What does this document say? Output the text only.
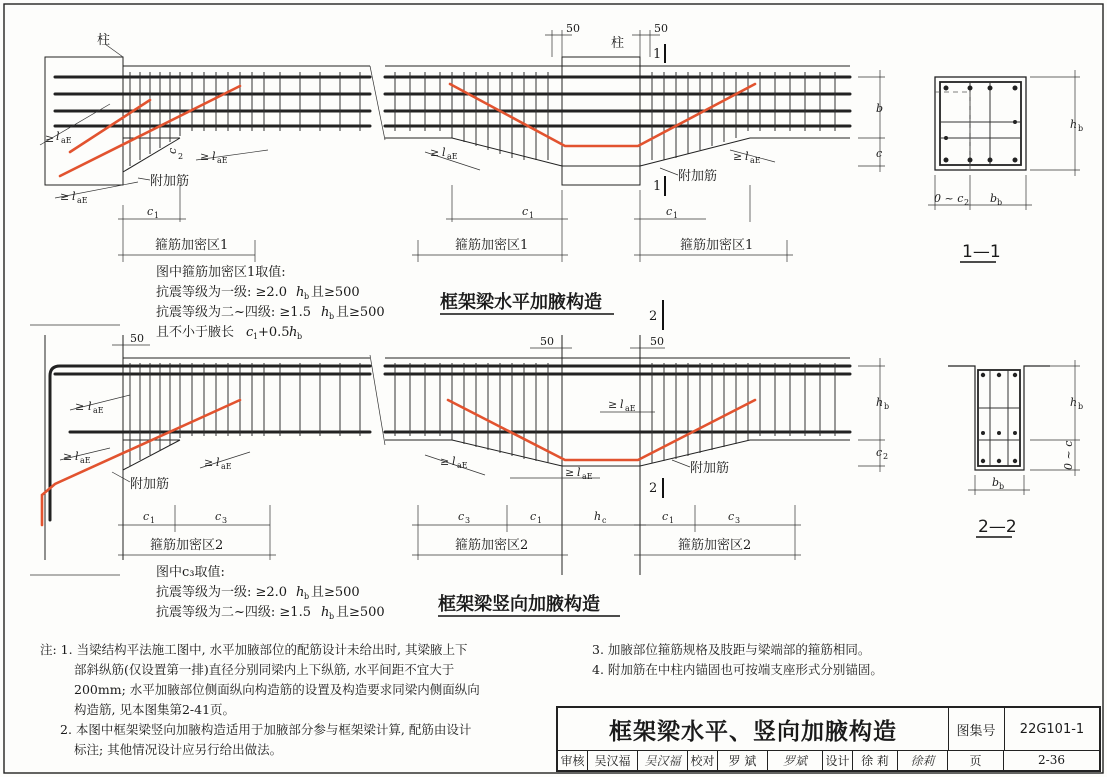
柱	柱
≥ l aE
≥ l aE
≥ l aE
≥ l aE	≥ l aE
c
2
附加筋	附加筋
1
1
50	50
c 1	c 1	c 1
箍筋加密区1	箍筋加密区1	箍筋加密区1
b
c
图中箍筋加密区1取值:
抗震等级为一级: ≥2.0 h b 且≥500
抗震等级为二~四级: ≥1.5 h b 且≥500
且不小于腋长 c 1 +0.5 h b
框架梁水平加腋构造
h b
0 ~ c 2 b b
1—1
≥ l aE
≥ l aE	≥ l aE	≥ l aE
≥ l aE
≥ l aE
附加筋
附加筋
2
2
50	50	50
c 1	c 3	c 3	c 1	h c	c 1	c 3
箍筋加密区2	箍筋加密区2	箍筋加密区2
h b
c 2
图中c₃取值:
抗震等级为一级: ≥2.0 h b 且≥500
抗震等级为二~四级: ≥1.5 h b 且≥500	框架梁竖向加腋构造
h b
0 ~ c
b b
2—2

注: 1. 当梁结构平法施工图中, 水平加腋部位的配筋设计未给出时, 其梁腋上下

部斜纵筋(仅设置第一排)直径分别同梁内上下纵筋, 水平间距不宜大于

200mm; 水平加腋部位侧面纵向构造筋的设置及构造要求同梁内侧面纵向

构造筋, 见本图集第2-41页。

2. 本图中框架梁竖向加腋构造适用于加腋部分参与框架梁计算, 配筋由设计

标注; 其他情况设计应另行给出做法。

3. 加腋部位箍筋规格及肢距与梁端部的箍筋相同。

4. 附加筋在中柱内锚固也可按端支座形式分别锚固。

框架梁水平、竖向加腋构造	图集号	22G101-1
审核 吴汉福	吴汉福 校对	罗 斌	罗斌	设计 徐 莉	徐莉	页	2-36
